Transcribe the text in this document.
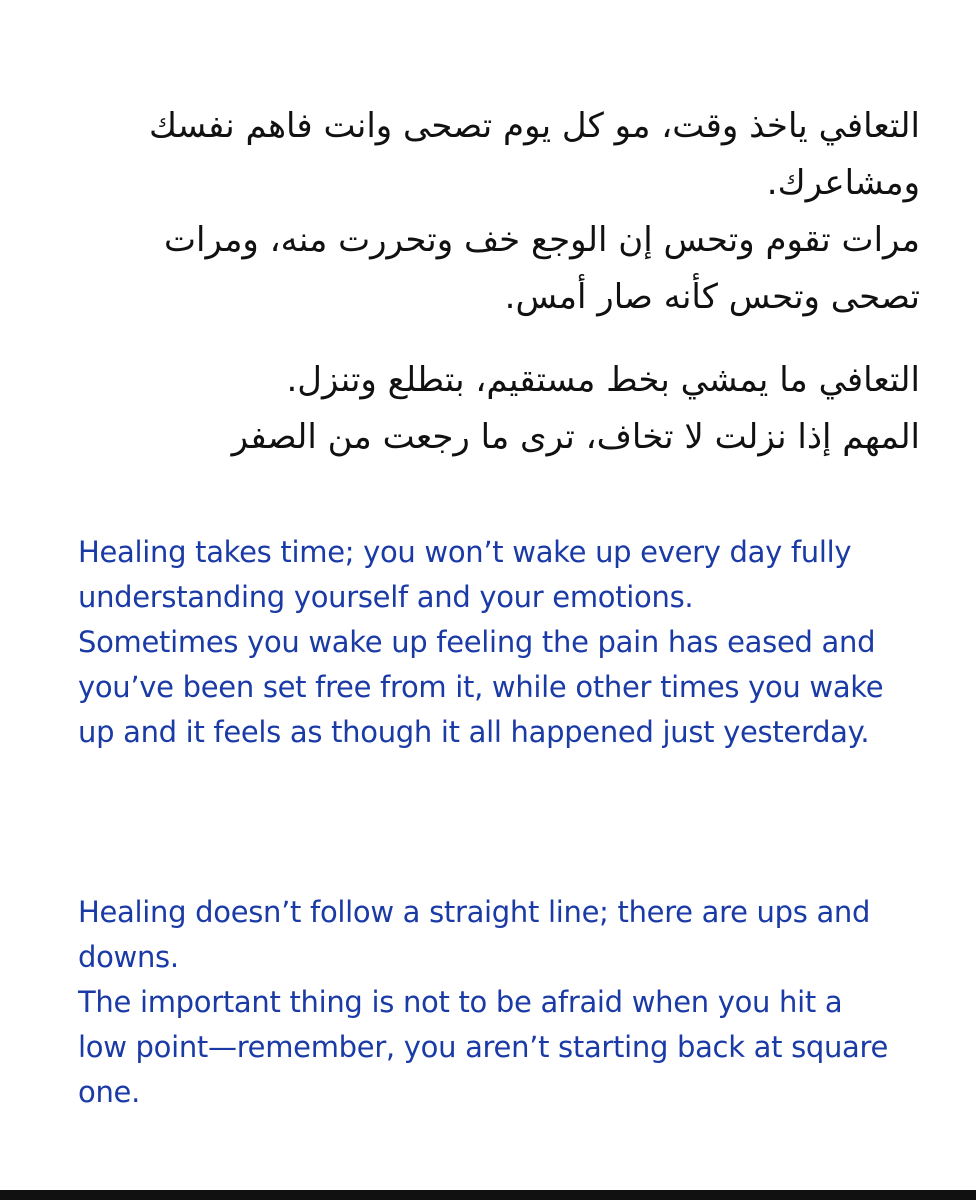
التعافي ياخذ وقت، مو كل يوم تصحى وانت فاهم نفسك ومشاعرك.

مرات تقوم وتحس إن الوجع خف وتحررت منه، ومرات تصحى وتحس كأنه صار أمس.

التعافي ما يمشي بخط مستقيم، بتطلع وتنزل.

المهم إذا نزلت لا تخاف، ترى ما رجعت من الصفر

Healing takes time; you won’t wake up every day fully understanding yourself and your emotions.

Sometimes you wake up feeling the pain has eased and you’ve been set free from it, while other times you wake up and it feels as though it all happened just yesterday.

Healing doesn’t follow a straight line; there are ups and downs.

The important thing is not to be afraid when you hit a low point—remember, you aren’t starting back at square one.
